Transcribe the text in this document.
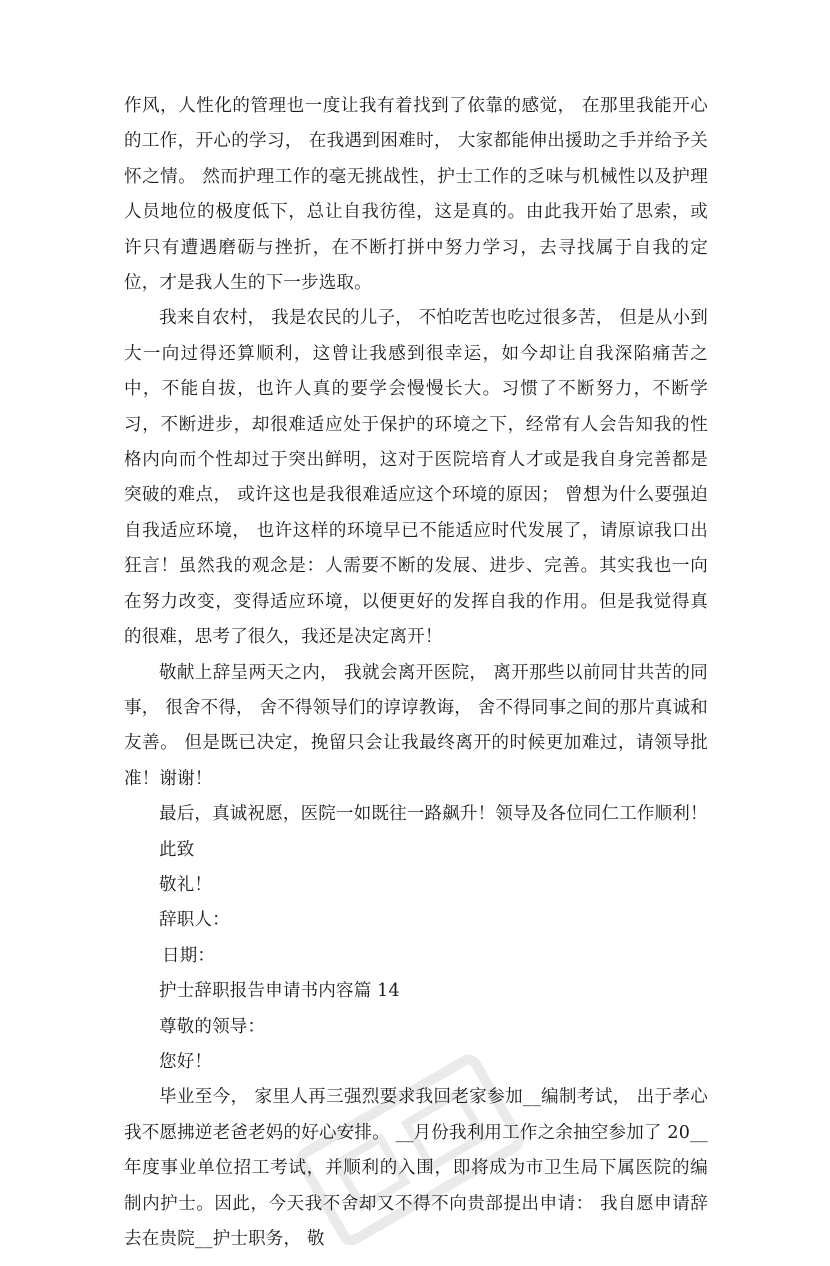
作风，人性化的管理也一度让我有着找到了依靠的感觉， 在那里我能开心的工作，开心的学习， 在我遇到困难时， 大家都能伸出援助之手并给予关怀之情。 然而护理工作的毫无挑战性，护士工作的乏味与机械性以及护理人员地位的极度低下，总让自我彷徨，这是真的。由此我开始了思索，或许只有遭遇磨砺与挫折，在不断打拼中努力学习，去寻找属于自我的定位，才是我人生的下一步选取。

我来自农村， 我是农民的儿子， 不怕吃苦也吃过很多苦， 但是从小到大一向过得还算顺利，这曾让我感到很幸运，如今却让自我深陷痛苦之中，不能自拔，也许人真的要学会慢慢长大。习惯了不断努力，不断学习，不断进步，却很难适应处于保护的环境之下，经常有人会告知我的性格内向而个性却过于突出鲜明，这对于医院培育人才或是我自身完善都是突破的难点， 或许这也是我很难适应这个环境的原因； 曾想为什么要强迫自我适应环境， 也许这样的环境早已不能适应时代发展了，请原谅我口出狂言！虽然我的观念是：人需要不断的发展、进步、完善。其实我也一向在努力改变，变得适应环境，以便更好的发挥自我的作用。但是我觉得真的很难，思考了很久，我还是决定离开！

敬献上辞呈两天之内， 我就会离开医院， 离开那些以前同甘共苦的同事， 很舍不得， 舍不得领导们的谆谆教诲， 舍不得同事之间的那片真诚和友善。 但是既已决定，挽留只会让我最终离开的时候更加难过，请领导批准！谢谢！

最后，真诚祝愿，医院一如既往一路飙升！领导及各位同仁工作顺利！

此致

敬礼！

辞职人：

日期：

护士辞职报告申请书内容篇 14

尊敬的领导：

您好！

毕业至今， 家里人再三强烈要求我回老家参加__编制考试， 出于孝心我不愿拂逆老爸老妈的好心安排。 __月份我利用工作之余抽空参加了 20__年度事业单位招工考试，并顺利的入围，即将成为市卫生局下属医院的编制内护士。因此，今天我不舍却又不得不向贵部提出申请： 我自愿申请辞去在贵院__护士职务， 敬
